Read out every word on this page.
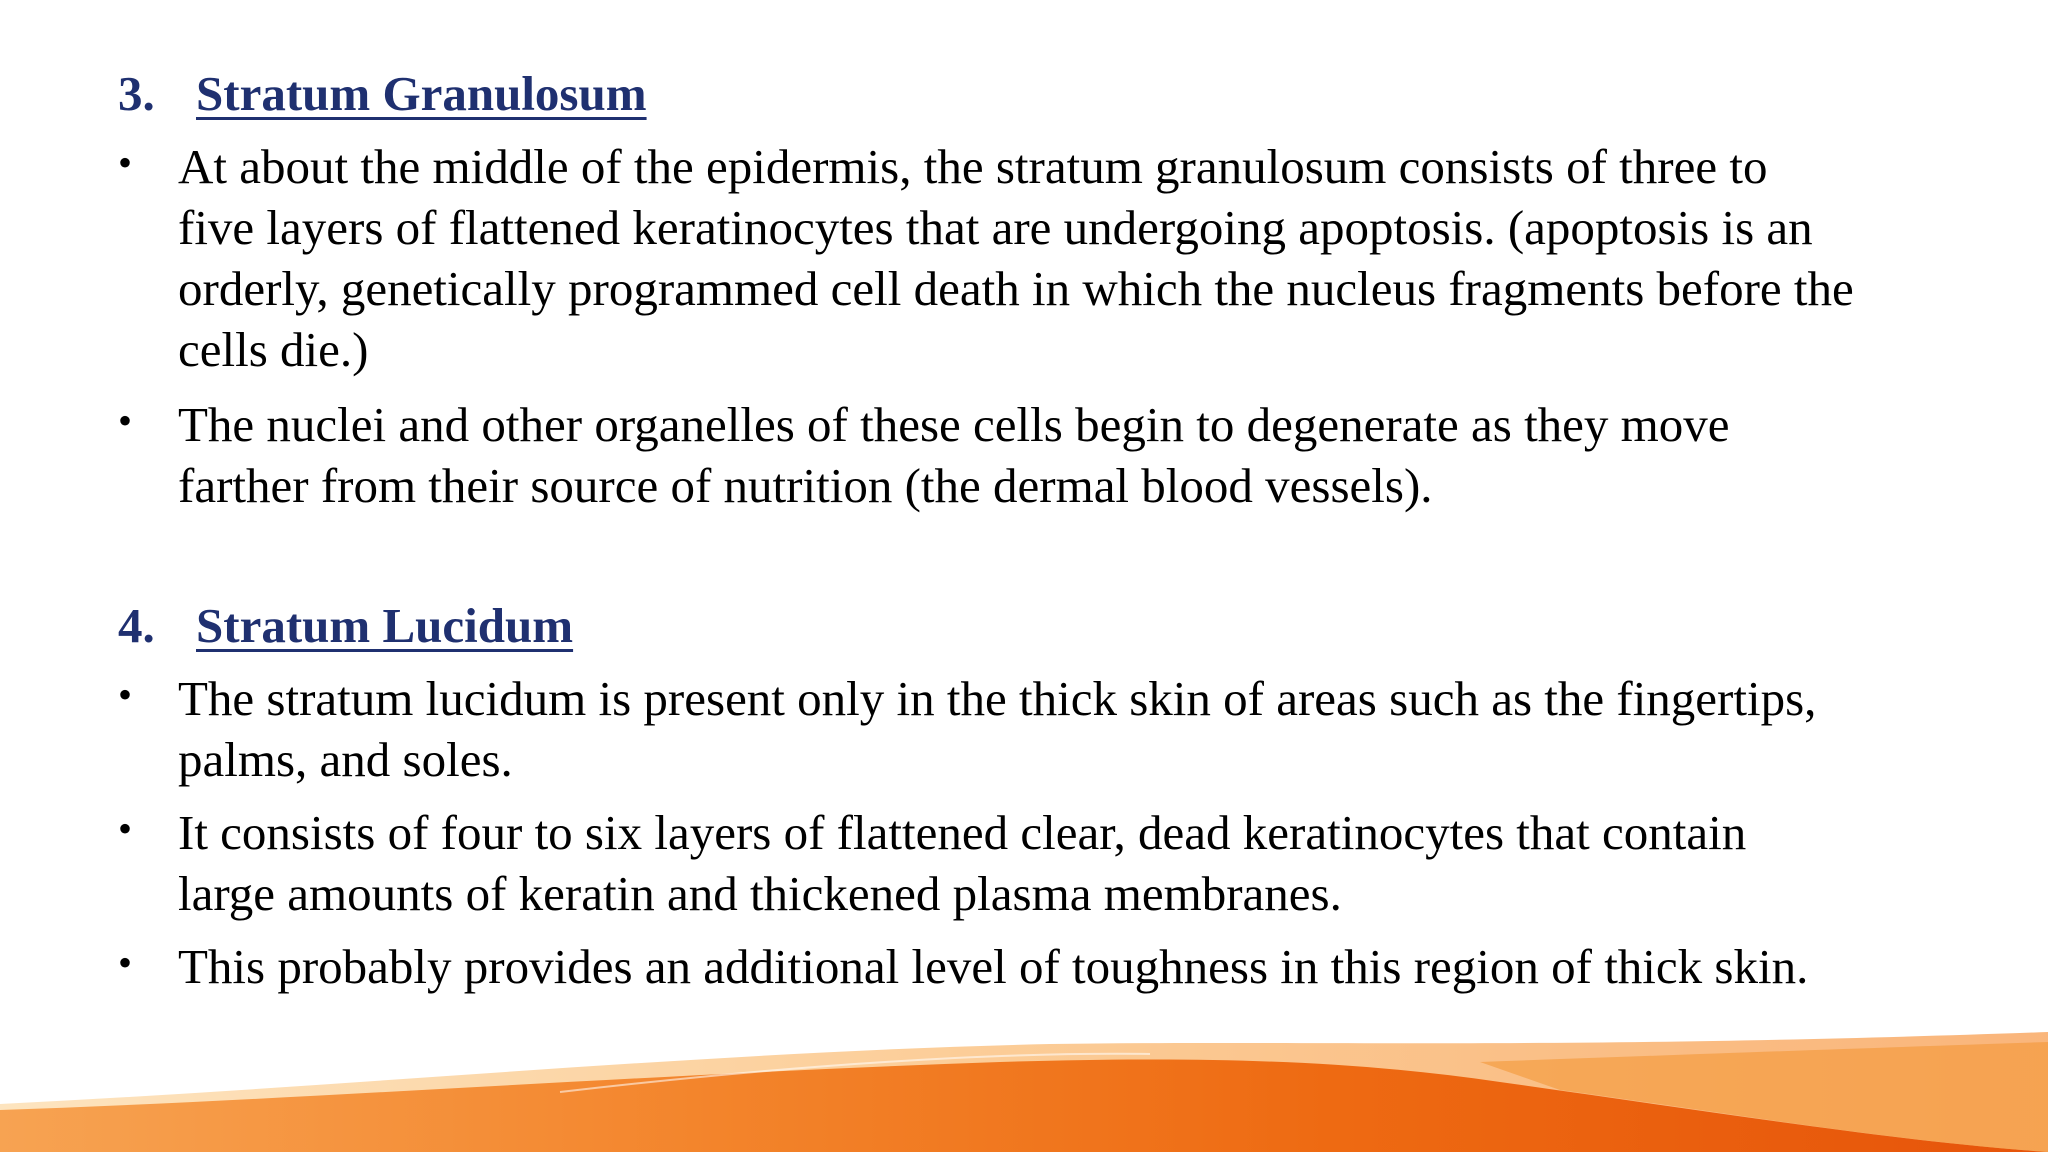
3. Stratum Granulosum
• At about the middle of the epidermis, the stratum granulosum consists of three to
five layers of flattened keratinocytes that are undergoing apoptosis. (apoptosis is an
orderly, genetically programmed cell death in which the nucleus fragments before the
cells die.)
• The nuclei and other organelles of these cells begin to degenerate as they move
farther from their source of nutrition (the dermal blood vessels).
4. Stratum Lucidum
• The stratum lucidum is present only in the thick skin of areas such as the fingertips,
palms, and soles.
• It consists of four to six layers of flattened clear, dead keratinocytes that contain
large amounts of keratin and thickened plasma membranes.
• This probably provides an additional level of toughness in this region of thick skin.
